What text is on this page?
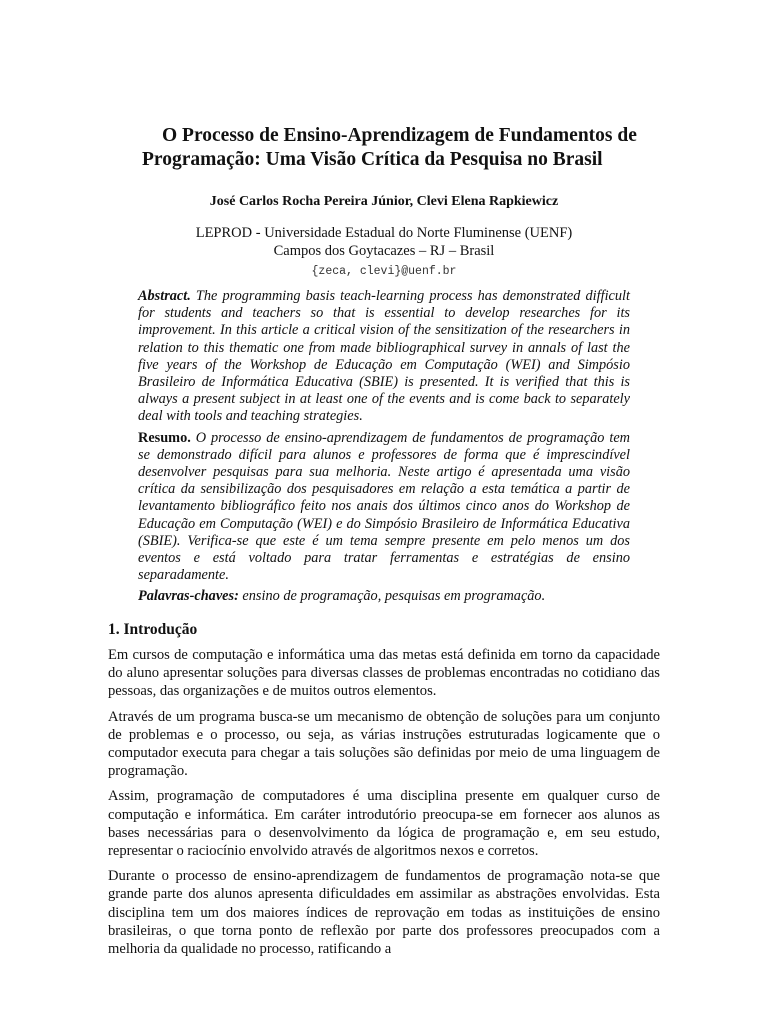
O Processo de Ensino-Aprendizagem de Fundamentos de Programação: Uma Visão Crítica da Pesquisa no Brasil
José Carlos Rocha Pereira Júnior, Clevi Elena Rapkiewicz
LEPROD - Universidade Estadual do Norte Fluminense (UENF)
Campos dos Goytacazes – RJ – Brasil
{zeca, clevi}@uenf.br

Abstract. The programming basis teach-learning process has demonstrated difficult for students and teachers so that is essential to develop researches for its improvement. In this article a critical vision of the sensitization of the researchers in relation to this thematic one from made bibliographical survey in annals of last the five years of the Workshop de Educação em Computação (WEI) and Simpósio Brasileiro de Informática Educativa (SBIE) is presented. It is verified that this is always a present subject in at least one of the events and is come back to separately deal with tools and teaching strategies.

Resumo. O processo de ensino-aprendizagem de fundamentos de programação tem se demonstrado difícil para alunos e professores de forma que é imprescindível desenvolver pesquisas para sua melhoria. Neste artigo é apresentada uma visão crítica da sensibilização dos pesquisadores em relação a esta temática a partir de levantamento bibliográfico feito nos anais dos últimos cinco anos do Workshop de Educação em Computação (WEI) e do Simpósio Brasileiro de Informática Educativa (SBIE). Verifica-se que este é um tema sempre presente em pelo menos um dos eventos e está voltado para tratar ferramentas e estratégias de ensino separadamente.

Palavras-chaves: ensino de programação, pesquisas em programação.

1. Introdução

Em cursos de computação e informática uma das metas está definida em torno da capacidade do aluno apresentar soluções para diversas classes de problemas encontradas no cotidiano das pessoas, das organizações e de muitos outros elementos.

Através de um programa busca-se um mecanismo de obtenção de soluções para um conjunto de problemas e o processo, ou seja, as várias instruções estruturadas logicamente que o computador executa para chegar a tais soluções são definidas por meio de uma linguagem de programação.

Assim, programação de computadores é uma disciplina presente em qualquer curso de computação e informática. Em caráter introdutório preocupa-se em fornecer aos alunos as bases necessárias para o desenvolvimento da lógica de programação e, em seu estudo, representar o raciocínio envolvido através de algoritmos nexos e corretos.

Durante o processo de ensino-aprendizagem de fundamentos de programação nota-se que grande parte dos alunos apresenta dificuldades em assimilar as abstrações envolvidas. Esta disciplina tem um dos maiores índices de reprovação em todas as instituições de ensino brasileiras, o que torna ponto de reflexão por parte dos professores preocupados com a melhoria da qualidade no processo, ratificando a
